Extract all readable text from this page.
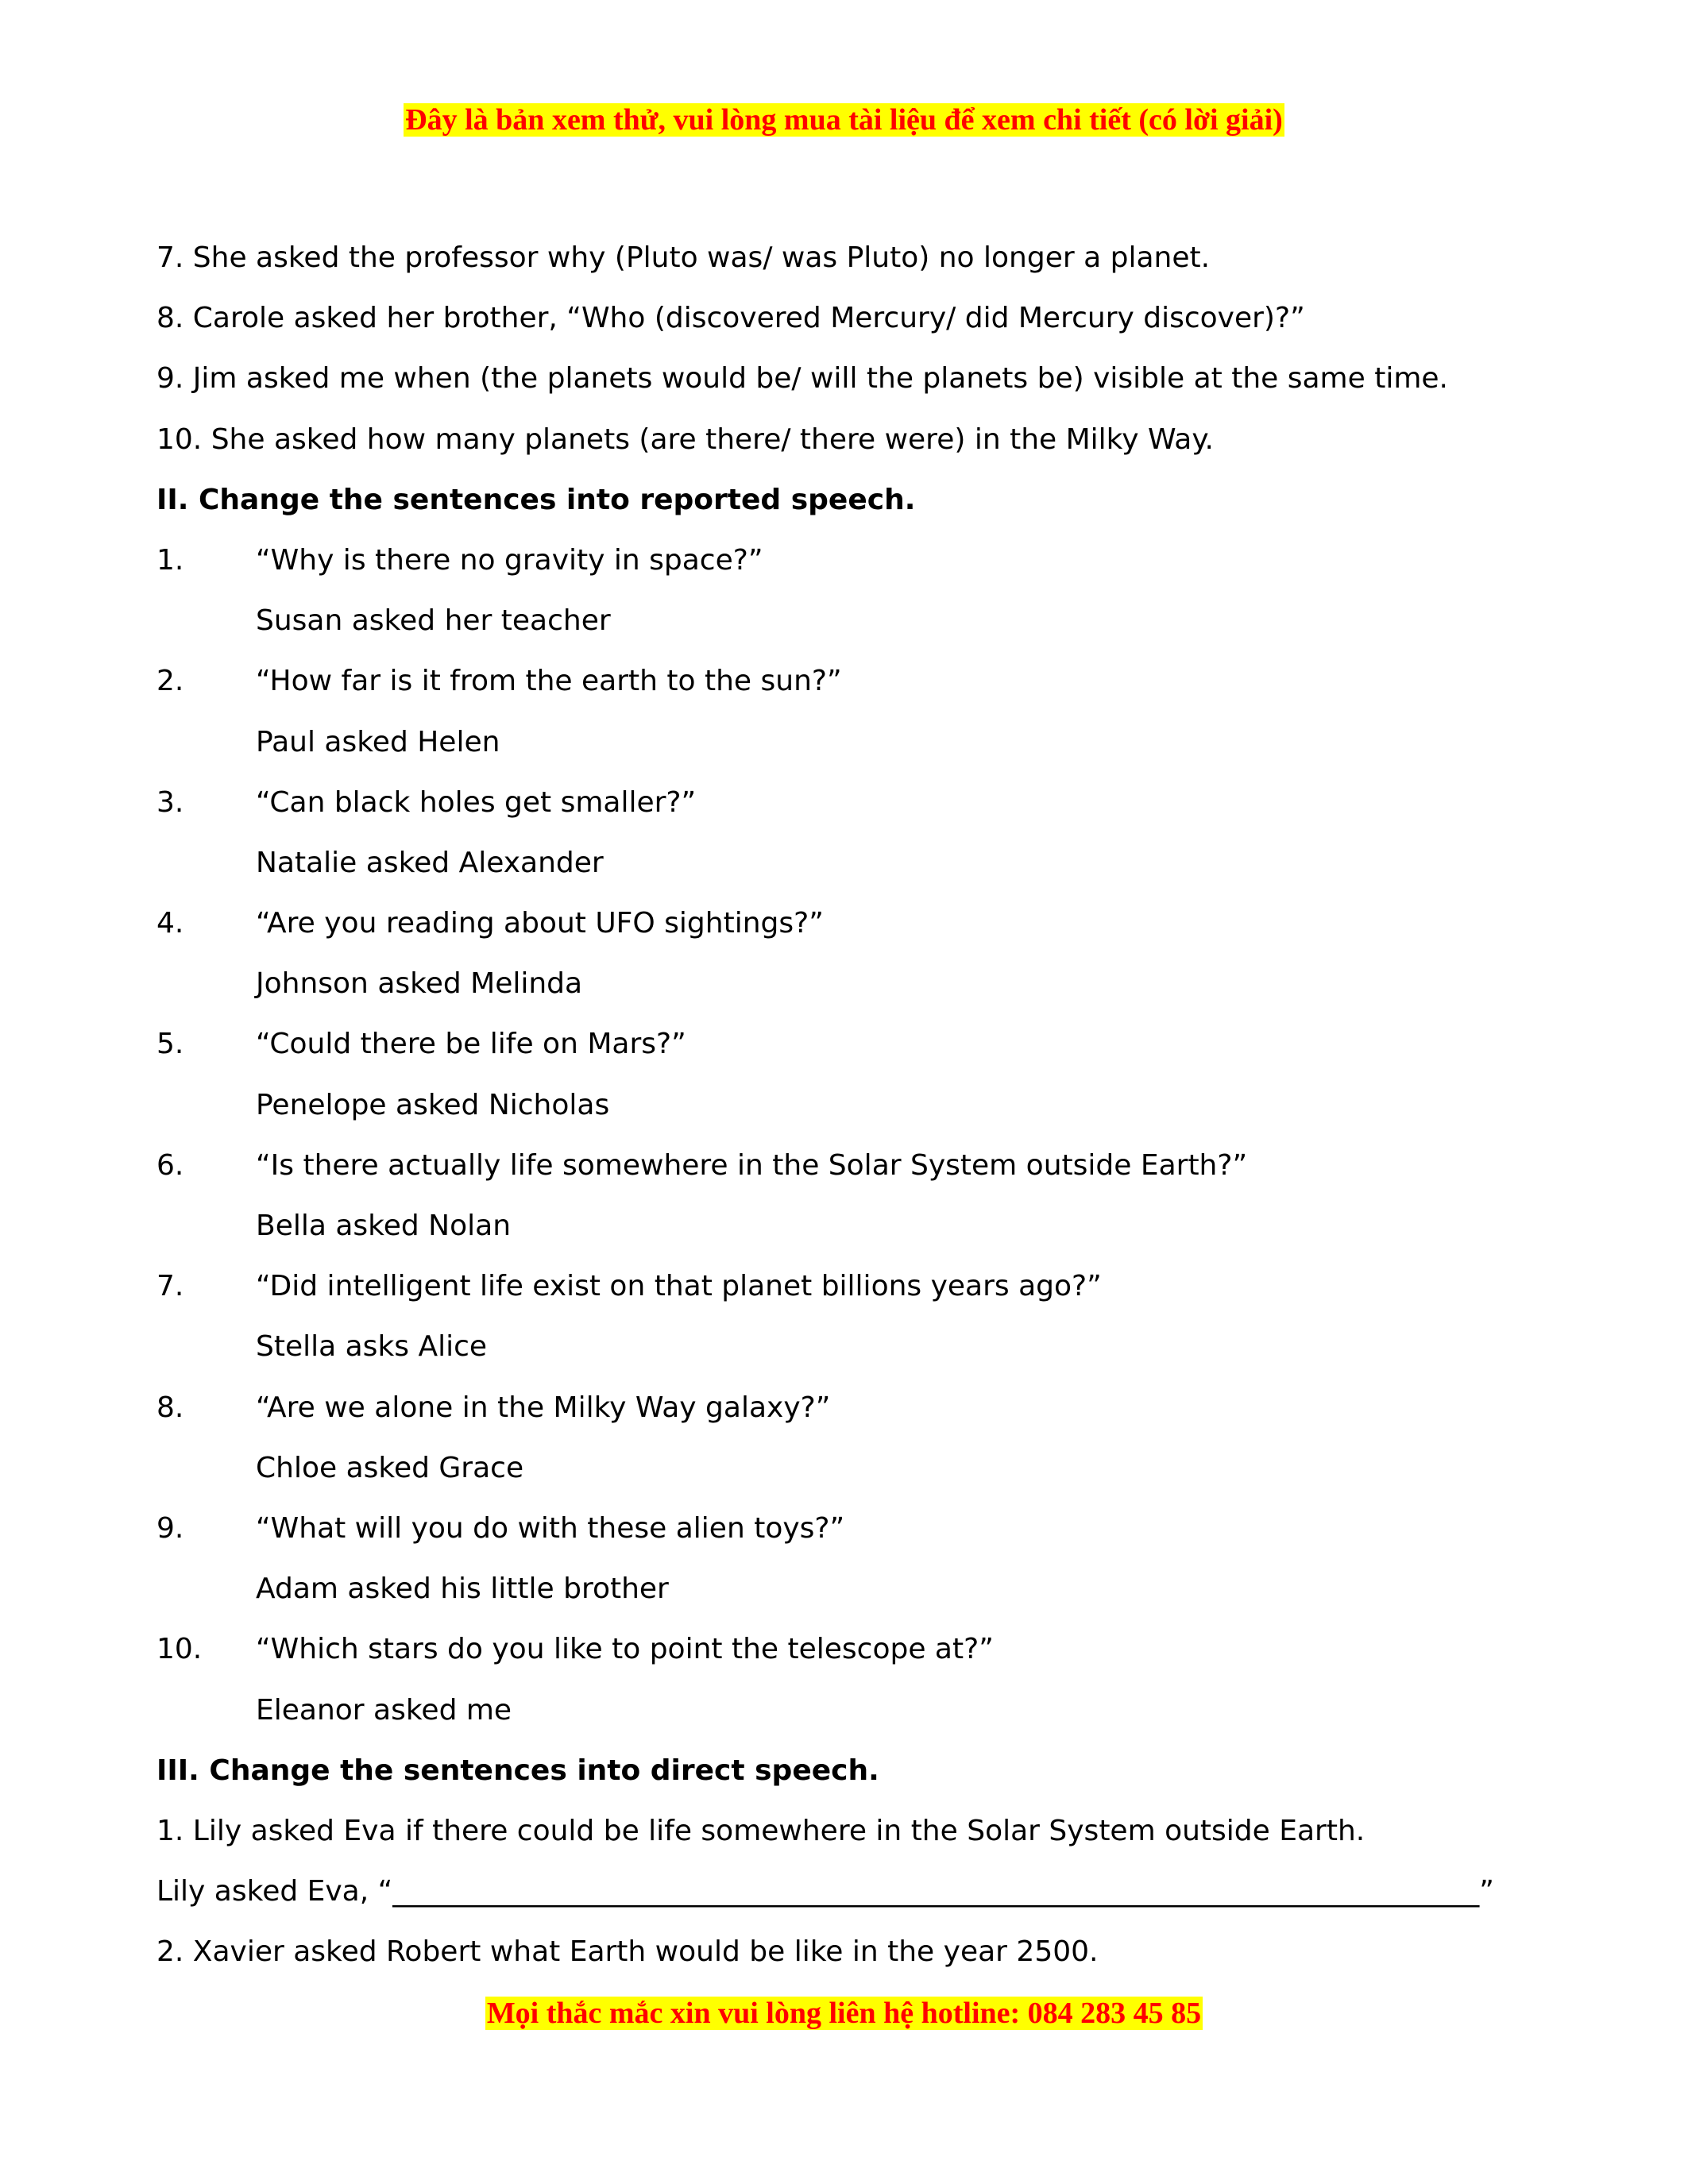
Đây là bản xem thử, vui lòng mua tài liệu để xem chi tiết (có lời giải)
7. She asked the professor why (Pluto was/ was Pluto) no longer a planet.
8. Carole asked her brother, “Who (discovered Mercury/ did Mercury discover)?”
9. Jim asked me when (the planets would be/ will the planets be) visible at the same time.
10. She asked how many planets (are there/ there were) in the Milky Way.
II. Change the sentences into reported speech.
1.	“Why is there no gravity in space?”
Susan asked her teacher
2.	“How far is it from the earth to the sun?”
Paul asked Helen
3.	“Can black holes get smaller?”
Natalie asked Alexander
4.	“Are you reading about UFO sightings?”
Johnson asked Melinda
5.	“Could there be life on Mars?”
Penelope asked Nicholas
6.	“Is there actually life somewhere in the Solar System outside Earth?”
Bella asked Nolan
7.	“Did intelligent life exist on that planet billions years ago?”
Stella asks Alice
8.	“Are we alone in the Milky Way galaxy?”
Chloe asked Grace
9.	“What will you do with these alien toys?”
Adam asked his little brother
10. “Which stars do you like to point the telescope at?”
Eleanor asked me
III. Change the sentences into direct speech.
1. Lily asked Eva if there could be life somewhere in the Solar System outside Earth.
Lily asked Eva, “____________________________________________________________________________”
2. Xavier asked Robert what Earth would be like in the year 2500.
Mọi thắc mắc xin vui lòng liên hệ hotline: 084 283 45 85
